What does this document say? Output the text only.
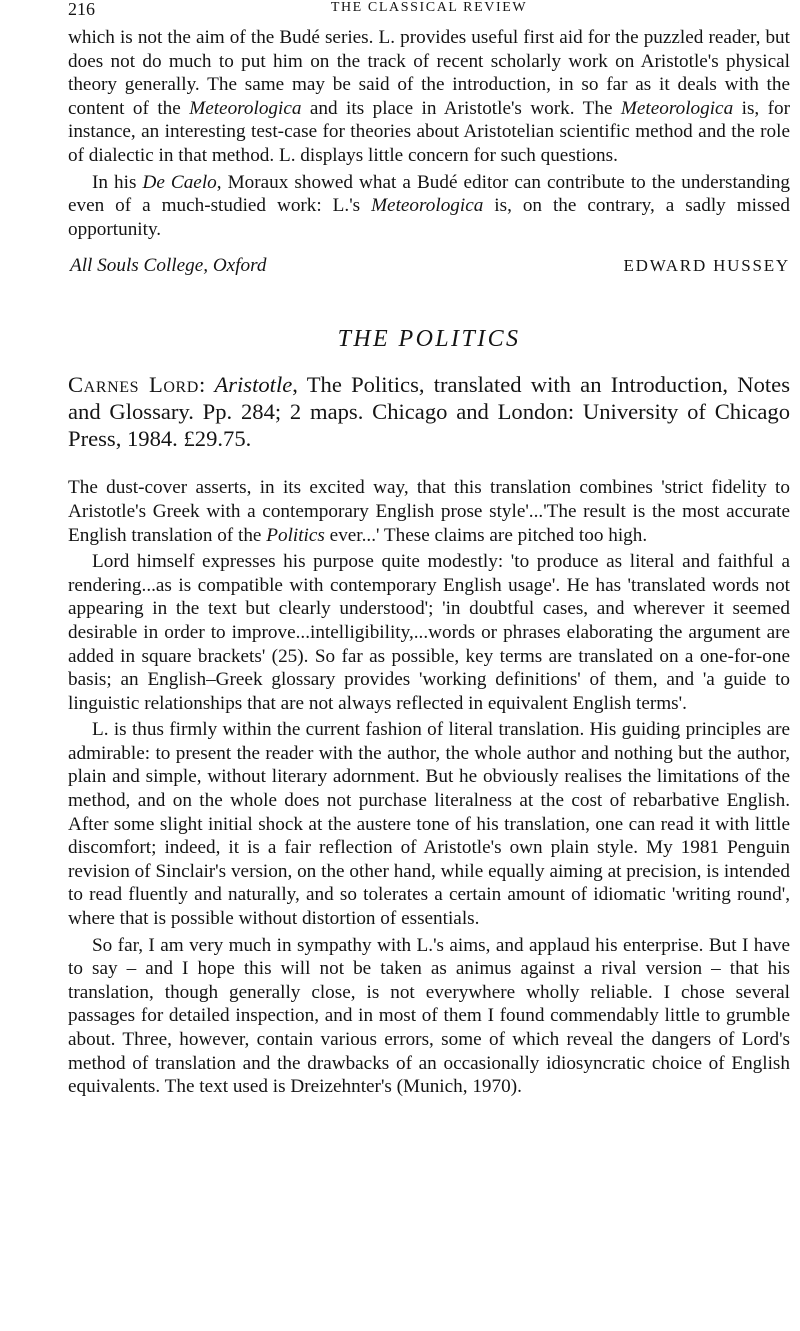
216	THE CLASSICAL REVIEW

which is not the aim of the Budé series. L. provides useful first aid for the puzzled reader, but does not do much to put him on the track of recent scholarly work on Aristotle's physical theory generally. The same may be said of the introduction, in so far as it deals with the content of the Meteorologica and its place in Aristotle's work. The Meteorologica is, for instance, an interesting test-case for theories about Aristotelian scientific method and the role of dialectic in that method. L. displays little concern for such questions.

In his De Caelo, Moraux showed what a Budé editor can contribute to the understanding even of a much-studied work: L.'s Meteorologica is, on the contrary, a sadly missed opportunity.

All Souls College, Oxford	EDWARD HUSSEY
THE POLITICS

Carnes Lord: Aristotle, The Politics, translated with an Introduction, Notes and Glossary. Pp. 284; 2 maps. Chicago and London: University of Chicago Press, 1984. £29.75.

The dust-cover asserts, in its excited way, that this translation combines 'strict fidelity to Aristotle's Greek with a contemporary English prose style'...'The result is the most accurate English translation of the Politics ever...' These claims are pitched too high.

Lord himself expresses his purpose quite modestly: 'to produce as literal and faithful a rendering...as is compatible with contemporary English usage'. He has 'translated words not appearing in the text but clearly understood'; 'in doubtful cases, and wherever it seemed desirable in order to improve...intelligibility,...words or phrases elaborating the argument are added in square brackets' (25). So far as possible, key terms are translated on a one-for-one basis; an English–Greek glossary provides 'working definitions' of them, and 'a guide to linguistic relationships that are not always reflected in equivalent English terms'.

L. is thus firmly within the current fashion of literal translation. His guiding principles are admirable: to present the reader with the author, the whole author and nothing but the author, plain and simple, without literary adornment. But he obviously realises the limitations of the method, and on the whole does not purchase literalness at the cost of rebarbative English. After some slight initial shock at the austere tone of his translation, one can read it with little discomfort; indeed, it is a fair reflection of Aristotle's own plain style. My 1981 Penguin revision of Sinclair's version, on the other hand, while equally aiming at precision, is intended to read fluently and naturally, and so tolerates a certain amount of idiomatic 'writing round', where that is possible without distortion of essentials.

So far, I am very much in sympathy with L.'s aims, and applaud his enterprise. But I have to say – and I hope this will not be taken as animus against a rival version – that his translation, though generally close, is not everywhere wholly reliable. I chose several passages for detailed inspection, and in most of them I found commendably little to grumble about. Three, however, contain various errors, some of which reveal the dangers of Lord's method of translation and the drawbacks of an occasionally idiosyncratic choice of English equivalents. The text used is Dreizehnter's (Munich, 1970).
